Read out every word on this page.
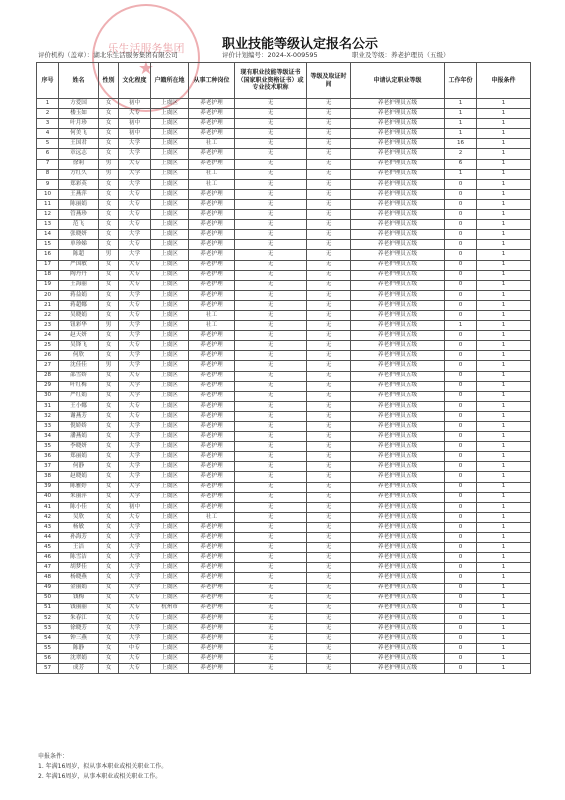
乐生活服务集团
★
职业技能等级认定报名公示
评价机构（盖章）：湖北乐生活服务集团有限公司	评价计划编号：2024-X-009595	职业及等级：养老护理员（五级）
序号	姓名	性别	文化程度	户籍所在地	从事工种岗位	现有职业技能等级证书（国家职业资格证书）或专业技术职称	等级及取证时间	申请认定职业等级	工作年份	申报条件
1	方爱国	女	初中	上虞区	养老护理	无	无	养老护理员五级	1	1
2	楼玉如	女	大专	上虞区	养老护理	无	无	养老护理员五级	1	1
3	叶月珍	女	初中	上虞区	养老护理	无	无	养老护理员五级	1	1
4	何美飞	女	初中	上虞区	养老护理	无	无	养老护理员五级	1	1
5	王国君	女	大学	上虞区	社工	无	无	养老护理员五级	16	1
6	章远志	女	大学	上虞区	养老护理	无	无	养老护理员五级	2	1
7	徐莉	男	大专	上虞区	养老护理	无	无	养老护理员五级	6	1
8	方红久	男	大学	上虞区	社工	无	无	养老护理员五级	1	1
9	郑彩英	女	大学	上虞区	社工	无	无	养老护理员五级	0	1
10	王燕萍	女	大专	上虞区	养老护理	无	无	养老护理员五级	0	1
11	陈丽娟	女	大专	上虞区	养老护理	无	无	养老护理员五级	0	1
12	管燕珍	女	大专	上虞区	养老护理	无	无	养老护理员五级	0	1
13	范飞	女	大专	上虞区	养老护理	无	无	养老护理员五级	0	1
14	张晓妍	女	大学	上虞区	养老护理	无	无	养老护理员五级	0	1
15	单珍娣	女	大专	上虞区	养老护理	无	无	养老护理员五级	0	1
16	陈超	男	大学	上虞区	养老护理	无	无	养老护理员五级	0	1
17	严国敏	女	大专	上虞区	养老护理	无	无	养老护理员五级	0	1
18	陶丹丹	女	大专	上虞区	养老护理	无	无	养老护理员五级	0	1
19	王海丽	女	大专	上虞区	养老护理	无	无	养老护理员五级	0	1
20	蒋益娟	女	大学	上虞区	养老护理	无	无	养老护理员五级	0	1
21	蒋超娜	女	大专	上虞区	养老护理	无	无	养老护理员五级	0	1
22	吴晓娟	女	大专	上虞区	社工	无	无	养老护理员五级	0	1
23	钮彩华	男	大学	上虞区	社工	无	无	养老护理员五级	1	1
24	赵天妍	女	大学	上虞区	养老护理	无	无	养老护理员五级	0	1
25	吴锋飞	女	大专	上虞区	养老护理	无	无	养老护理员五级	0	1
26	何欣	女	大学	上虞区	养老护理	无	无	养老护理员五级	0	1
27	沈佳佳	男	大学	上虞区	养老护理	无	无	养老护理员五级	0	1
28	邵雪娇	女	大专	上虞区	养老护理	无	无	养老护理员五级	0	1
29	叶红梅	女	大学	上虞区	养老护理	无	无	养老护理员五级	0	1
30	严红娟	女	大学	上虞区	养老护理	无	无	养老护理员五级	0	1
31	王小娜	女	大专	上虞区	养老护理	无	无	养老护理员五级	0	1
32	谢燕芳	女	大专	上虞区	养老护理	无	无	养老护理员五级	0	1
33	倪娇娇	女	大学	上虞区	养老护理	无	无	养老护理员五级	0	1
34	潘燕娟	女	大学	上虞区	养老护理	无	无	养老护理员五级	0	1
35	李晓妍	女	大学	上虞区	养老护理	无	无	养老护理员五级	0	1
36	郑丽娟	女	大学	上虞区	养老护理	无	无	养老护理员五级	0	1
37	何静	女	大学	上虞区	养老护理	无	无	养老护理员五级	0	1
38	赵晓娟	女	大学	上虞区	养老护理	无	无	养老护理员五级	0	1
39	陈雅婷	女	大学	上虞区	养老护理	无	无	养老护理员五级	0	1
40	朱丽萍	女	大学	上虞区	养老护理	无	无	养老护理员五级	0	1
41	陈小佳	女	初中	上虞区	养老护理	无	无	养老护理员五级	0	1
42	吴欣	女	大专	上虞区	社工	无	无	养老护理员五级	0	1
43	杨敏	女	大学	上虞区	养老护理	无	无	养老护理员五级	0	1
44	孙海芳	女	大学	上虞区	养老护理	无	无	养老护理员五级	0	1
45	王洁	女	大学	上虞区	养老护理	无	无	养老护理员五级	0	1
46	陈雪洁	女	大学	上虞区	养老护理	无	无	养老护理员五级	0	1
47	胡梦佳	女	大学	上虞区	养老护理	无	无	养老护理员五级	0	1
48	杨晓燕	女	大学	上虞区	养老护理	无	无	养老护理员五级	0	1
49	金丽娟	女	大学	上虞区	养老护理	无	无	养老护理员五级	0	1
50	钱梅	女	大专	上虞区	养老护理	无	无	养老护理员五级	0	1
51	钱丽丽	女	大专	杭州市	养老护理	无	无	养老护理员五级	0	1
52	朱春江	女	大专	上虞区	养老护理	无	无	养老护理员五级	0	1
53	徐晓芳	女	大学	上虞区	养老护理	无	无	养老护理员五级	0	1
54	钟三燕	女	大学	上虞区	养老护理	无	无	养老护理员五级	0	1
55	陈静	女	中专	上虞区	养老护理	无	无	养老护理员五级	0	1
56	沈翠娟	女	大专	上虞区	养老护理	无	无	养老护理员五级	0	1
57	成芳	女	大专	上虞区	养老护理	无	无	养老护理员五级	0	1
申报条件：
1. 年满16周岁，拟从事本职业或相关职业工作。
2. 年满16周岁，从事本职业或相关职业工作。
